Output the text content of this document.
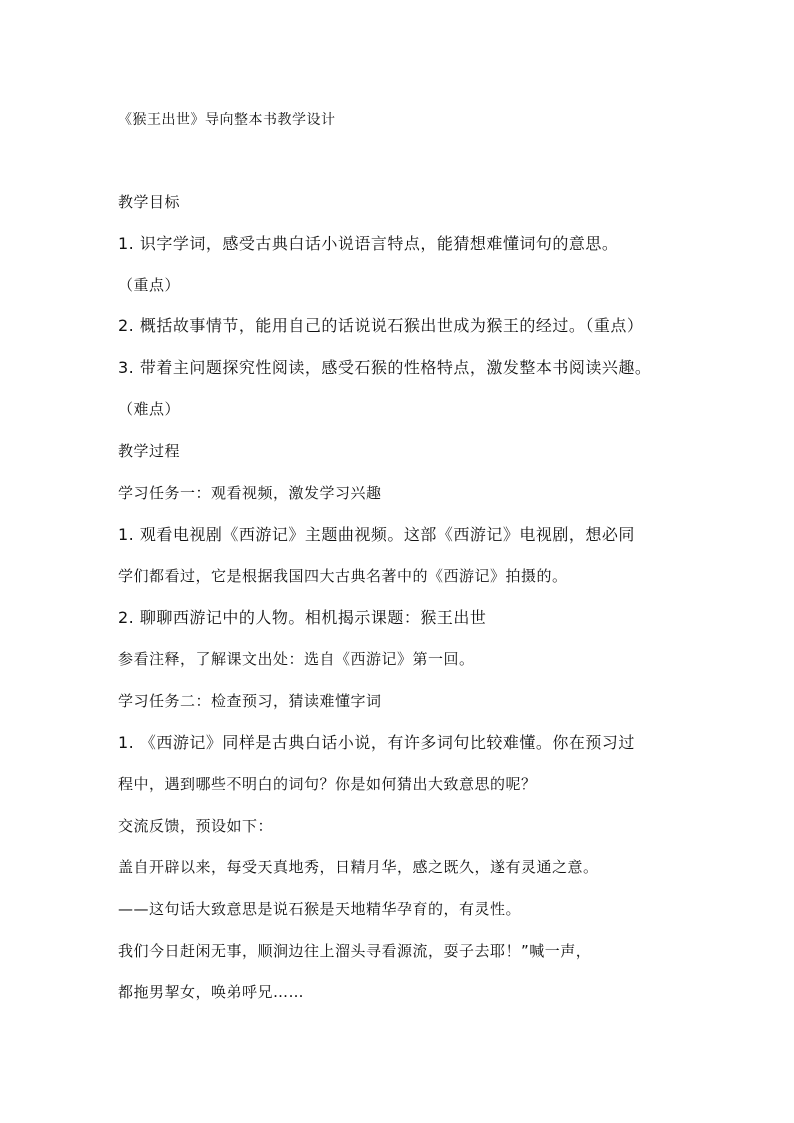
《猴王出世》导向整本书教学设计
教学目标
1. 识字学词，感受古典白话小说语言特点，能猜想难懂词句的意思。
（重点）
2. 概括故事情节，能用自己的话说说石猴出世成为猴王的经过。（重点）
3. 带着主问题探究性阅读，感受石猴的性格特点，激发整本书阅读兴趣。
（难点）
教学过程
学习任务一：观看视频，激发学习兴趣
1. 观看电视剧《西游记》主题曲视频。这部《西游记》电视剧，想必同
学们都看过，它是根据我国四大古典名著中的《西游记》拍摄的。
2. 聊聊西游记中的人物。相机揭示课题：猴王出世
参看注释，了解课文出处：选自《西游记》第一回。
学习任务二：检查预习，猜读难懂字词
1. 《西游记》同样是古典白话小说，有许多词句比较难懂。你在预习过
程中，遇到哪些不明白的词句？你是如何猜出大致意思的呢？
交流反馈，预设如下：
盖自开辟以来，每受天真地秀，日精月华，感之既久，遂有灵通之意。
——这句话大致意思是说石猴是天地精华孕育的，有灵性。
我们今日赶闲无事，顺涧边往上溜头寻看源流，耍子去耶！”喊一声，
都拖男挈女，唤弟呼兄……
